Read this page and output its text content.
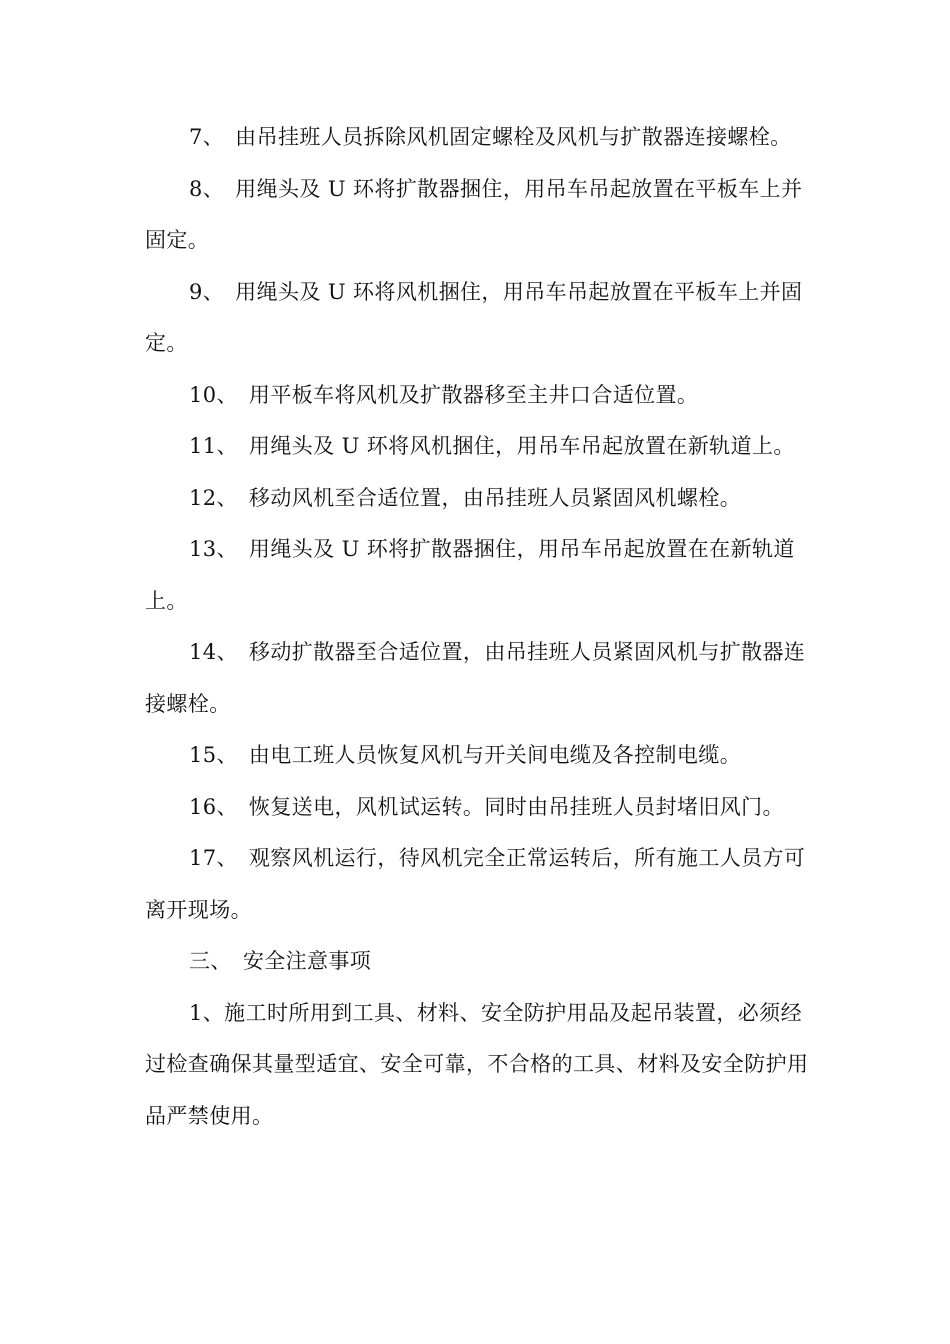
7、 由吊挂班人员拆除风机固定螺栓及风机与扩散器连接螺栓。

8、 用绳头及 U 环将扩散器捆住，用吊车吊起放置在平板车上并固定。

9、 用绳头及 U 环将风机捆住，用吊车吊起放置在平板车上并固定。

10、 用平板车将风机及扩散器移至主井口合适位置。

11、 用绳头及 U 环将风机捆住，用吊车吊起放置在新轨道上。

12、 移动风机至合适位置，由吊挂班人员紧固风机螺栓。

13、 用绳头及 U 环将扩散器捆住，用吊车吊起放置在在新轨道上。

14、 移动扩散器至合适位置，由吊挂班人员紧固风机与扩散器连接螺栓。

15、 由电工班人员恢复风机与开关间电缆及各控制电缆。

16、 恢复送电，风机试运转。同时由吊挂班人员封堵旧风门。

17、 观察风机运行，待风机完全正常运转后，所有施工人员方可离开现场。

三、 安全注意事项

1、施工时所用到工具、材料、安全防护用品及起吊装置，必须经过检查确保其量型适宜、安全可靠，不合格的工具、材料及安全防护用品严禁使用。
